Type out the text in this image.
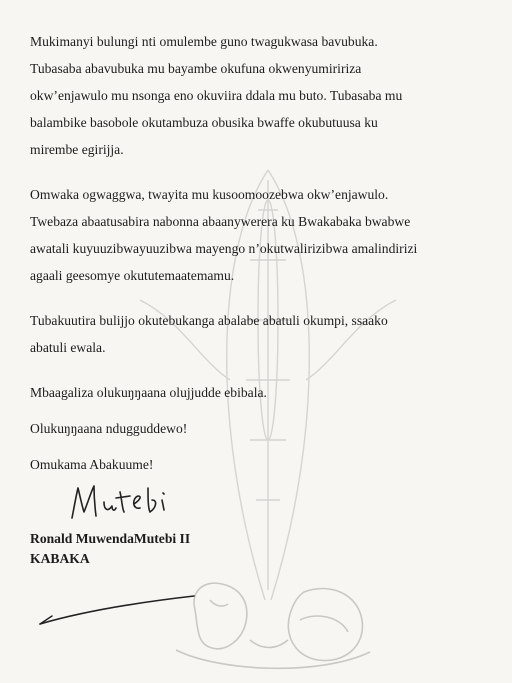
Mukimanyi bulungi nti omulembe guno twagukwasa bavubuka.
Tubasaba abavubuka mu bayambe okufuna okwenyumiririza
okw’enjawulo mu nsonga eno okuviira ddala mu buto. Tubasaba mu
balambike basobole okutambuza obusika bwaffe okubutuusa ku
mirembe egirijja.
Omwaka ogwaggwa, twayita mu kusoomoozebwa okw’enjawulo.
Twebaza abaatusabira nabonna abaanywerera ku Bwakabaka bwabwe
awatali kuyuuzibwayuuzibwa mayengo n’okutwalirizibwa amalindirizi
agaali geesomye okututemaatemamu.
Tubakuutira bulijjo okutebukanga abalabe abatuli okumpi, ssaako
abatuli ewala.
Mbaagaliza olukuŋŋaana olujjudde ebibala.
Olukuŋŋaana ndugguddewo!
Omukama Abakuume!
Ronald MuwendaMutebi II
KABAKA
